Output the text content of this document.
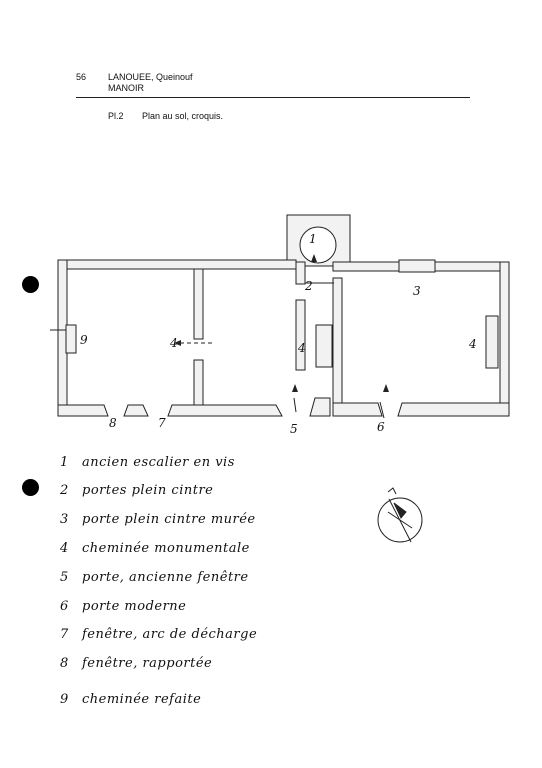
56 LANOUEE, Queinouf
MANOIR
Pl.2 Plan au sol, croquis.
1
2	3
4	4
4
5	6
7
8
9
1 ancien escalier en vis
2 portes plein cintre
3 porte plein cintre murée
4 cheminée monumentale
5 porte, ancienne fenêtre
6 porte moderne
7 fenêtre, arc de décharge
8 fenêtre, rapportée
9 cheminée refaite
